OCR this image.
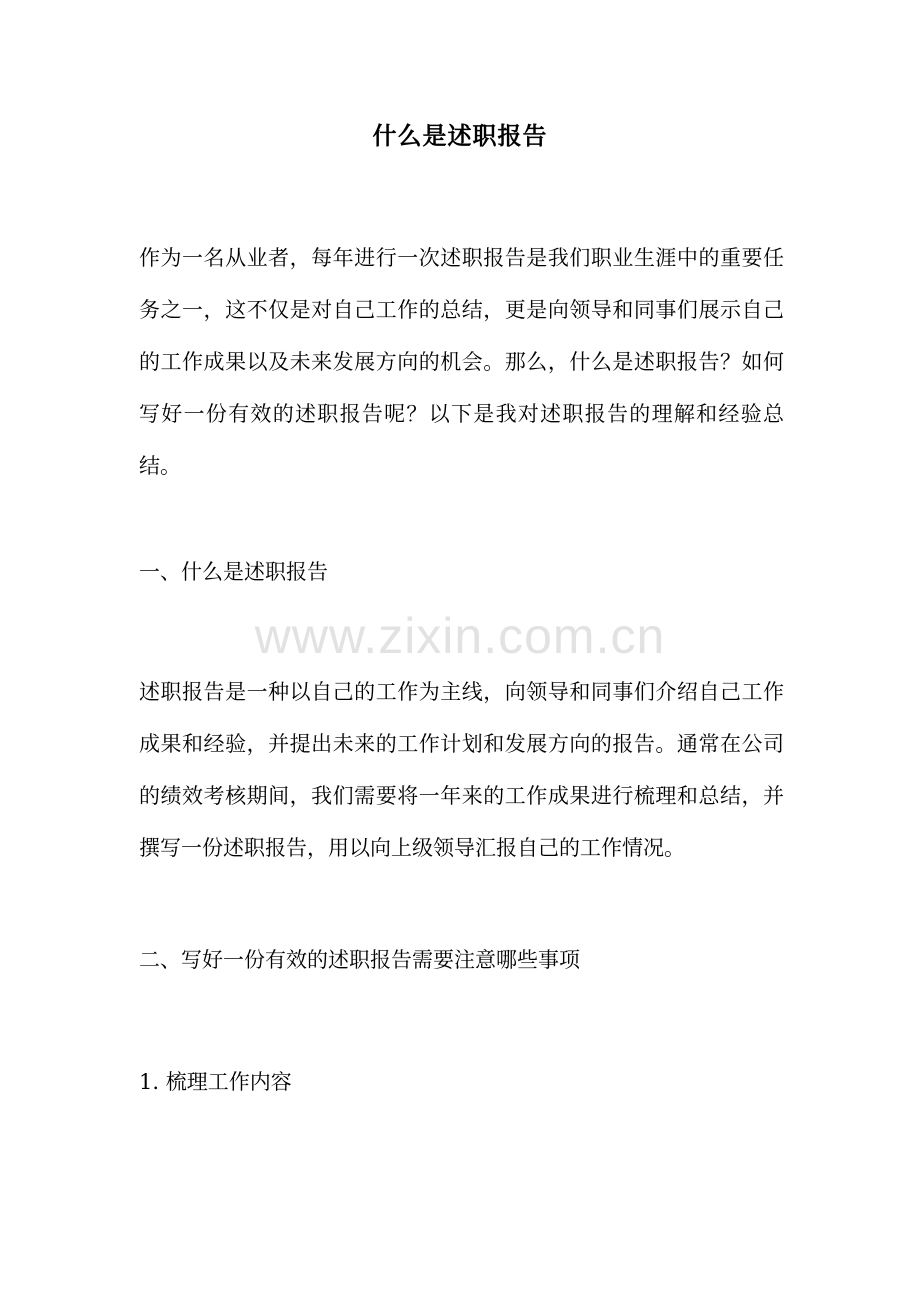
什么是述职报告
作为一名从业者，每年进行一次述职报告是我们职业生涯中的重要任务之一，这不仅是对自己工作的总结，更是向领导和同事们展示自己的工作成果以及未来发展方向的机会。那么，什么是述职报告？如何写好一份有效的述职报告呢？以下是我对述职报告的理解和经验总结。
一、什么是述职报告
www.zixin.com.cn
述职报告是一种以自己的工作为主线，向领导和同事们介绍自己工作成果和经验，并提出未来的工作计划和发展方向的报告。通常在公司的绩效考核期间，我们需要将一年来的工作成果进行梳理和总结，并撰写一份述职报告，用以向上级领导汇报自己的工作情况。
二、写好一份有效的述职报告需要注意哪些事项
1. 梳理工作内容
